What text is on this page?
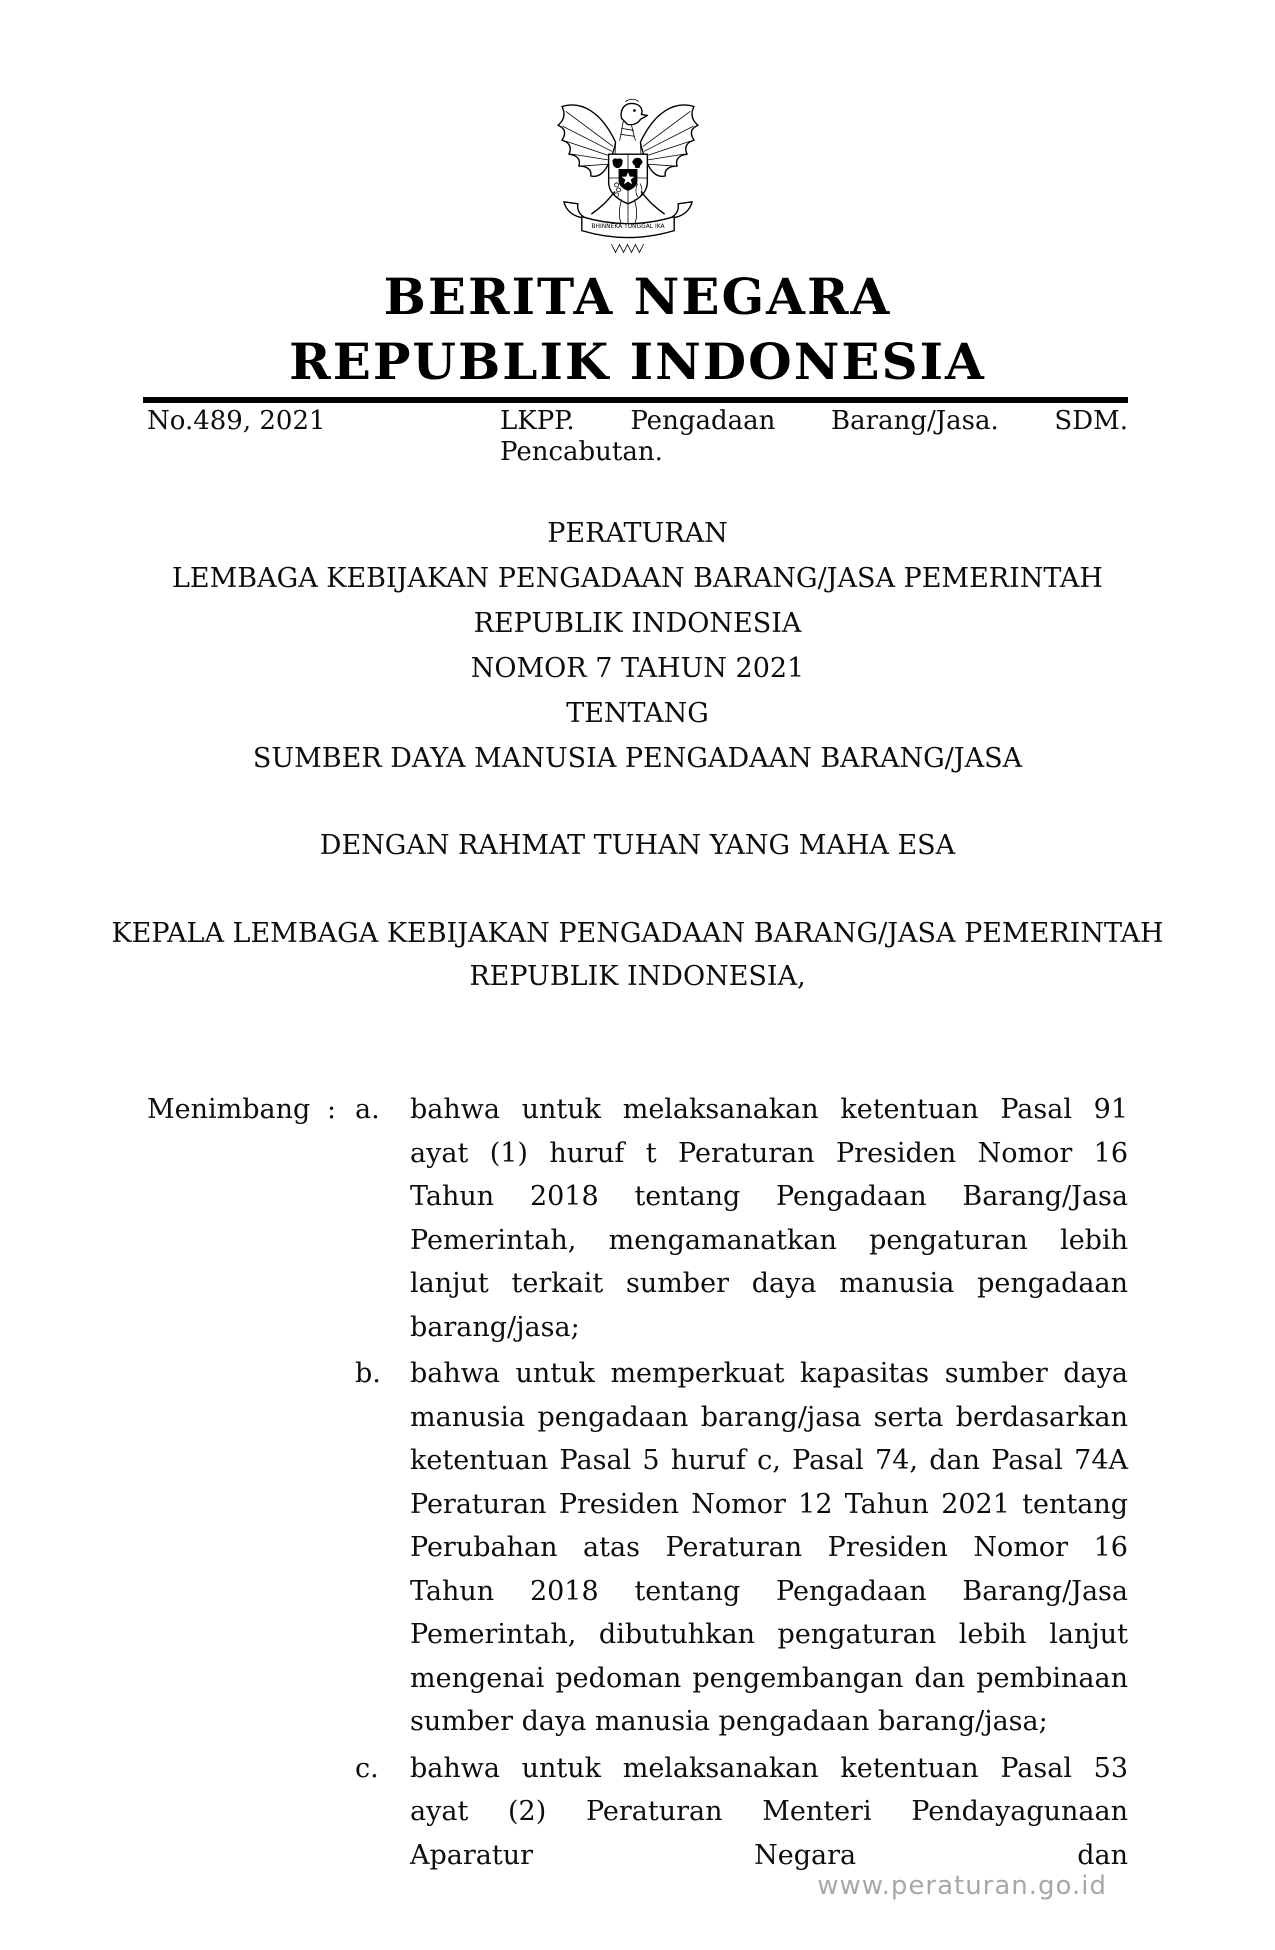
BHINNEKA TUNGGAL IKA
BERITA NEGARA
REPUBLIK INDONESIA
No.489, 2021	LKPP. Pengadaan Barang/Jasa. SDM.
Pencabutan.
PERATURAN
LEMBAGA KEBIJAKAN PENGADAAN BARANG/JASA PEMERINTAH
REPUBLIK INDONESIA
NOMOR 7 TAHUN 2021
TENTANG
SUMBER DAYA MANUSIA PENGADAAN BARANG/JASA
DENGAN RAHMAT TUHAN YANG MAHA ESA
KEPALA LEMBAGA KEBIJAKAN PENGADAAN BARANG/JASA PEMERINTAH
REPUBLIK INDONESIA,
Menimbang : a. bahwa untuk melaksanakan ketentuan Pasal 91 ayat (1) huruf t Peraturan Presiden Nomor 16 Tahun 2018 tentang Pengadaan Barang/Jasa Pemerintah, mengamanatkan pengaturan lebih lanjut terkait sumber daya manusia pengadaan barang/jasa;
b. bahwa untuk memperkuat kapasitas sumber daya manusia pengadaan barang/jasa serta berdasarkan ketentuan Pasal 5 huruf c, Pasal 74, dan Pasal 74A Peraturan Presiden Nomor 12 Tahun 2021 tentang Perubahan atas Peraturan Presiden Nomor 16 Tahun 2018 tentang Pengadaan Barang/Jasa Pemerintah, dibutuhkan pengaturan lebih lanjut mengenai pedoman pengembangan dan pembinaan sumber daya manusia pengadaan barang/jasa;
c. bahwa untuk melaksanakan ketentuan Pasal 53 ayat (2) Peraturan Menteri Pendayagunaan Aparatur Negara dan
www.peraturan.go.id
